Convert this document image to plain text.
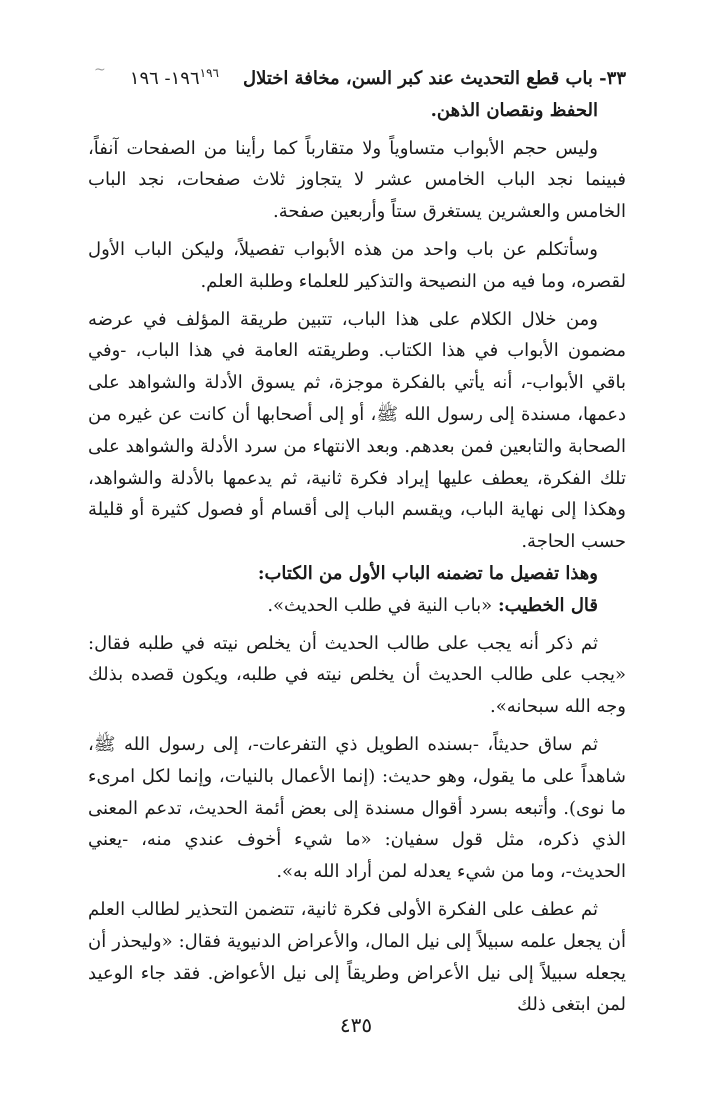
~	٣٣- باب قطع التحديث عند كبر السن، مخافة اختلال
١٩٦$^{١٩٦}$- ١٩٦

الحفظ ونقصان الذهن.

وليس حجم الأبواب متساوياً ولا متقارباً كما رأينا من الصفحات آنفاً، فبينما نجد الباب الخامس عشر لا يتجاوز ثلاث صفحات، نجد الباب الخامس والعشرين يستغرق ستاً وأربعين صفحة.

وسأتكلم عن باب واحد من هذه الأبواب تفصيلاً، وليكن الباب الأول لقصره، وما فيه من النصيحة والتذكير للعلماء وطلبة العلم.

ومن خلال الكلام على هذا الباب، تتبين طريقة المؤلف في عرضه مضمون الأبواب في هذا الكتاب. وطريقته العامة في هذا الباب، -وفي باقي الأبواب-، أنه يأتي بالفكرة موجزة، ثم يسوق الأدلة والشواهد على دعمها، مسندة إلى رسول الله ﷺ، أو إلى أصحابها أن كانت عن غيره من الصحابة والتابعين فمن بعدهم. وبعد الانتهاء من سرد الأدلة والشواهد على تلك الفكرة، يعطف عليها إيراد فكرة ثانية، ثم يدعمها بالأدلة والشواهد، وهكذا إلى نهاية الباب، ويقسم الباب إلى أقسام أو فصول كثيرة أو قليلة حسب الحاجة.

وهذا تفصيل ما تضمنه الباب الأول من الكتاب:

قال الخطيب: «باب النية في طلب الحديث».

ثم ذكر أنه يجب على طالب الحديث أن يخلص نيته في طلبه فقال: «يجب على طالب الحديث أن يخلص نيته في طلبه، ويكون قصده بذلك وجه الله سبحانه».

ثم ساق حديثاً، -بسنده الطويل ذي التفرعات-، إلى رسول الله ﷺ، شاهداً على ما يقول، وهو حديث: (إنما الأعمال بالنيات، وإنما لكل امرىء ما نوى). وأتبعه بسرد أقوال مسندة إلى بعض أئمة الحديث، تدعم المعنى الذي ذكره، مثل قول سفيان: «ما شيء أخوف عندي منه، -يعني الحديث-، وما من شيء يعدله لمن أراد الله به».

ثم عطف على الفكرة الأولى فكرة ثانية، تتضمن التحذير لطالب العلم أن يجعل علمه سبيلاً إلى نيل المال، والأعراض الدنيوية فقال: «وليحذر أن يجعله سبيلاً إلى نيل الأعراض وطريقاً إلى نيل الأعواض. فقد جاء الوعيد لمن ابتغى ذلك

٤٣٥
